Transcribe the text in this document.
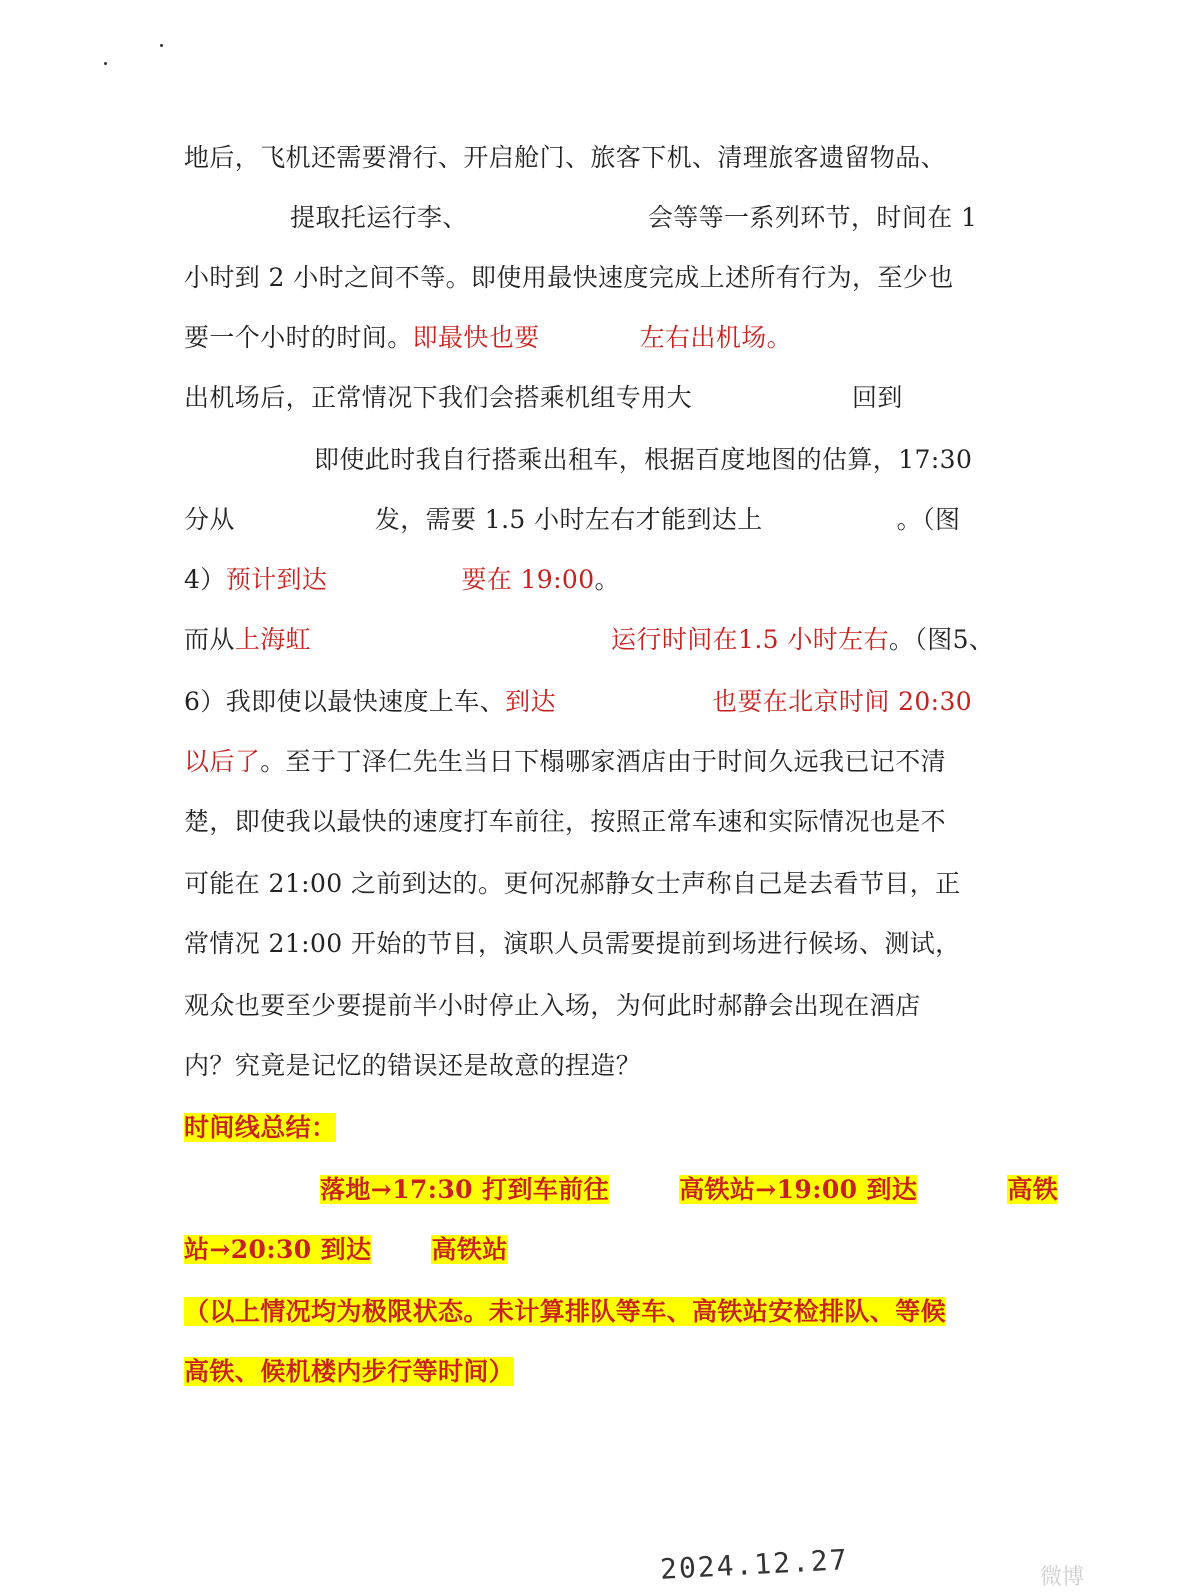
地后，飞机还需要滑行、开启舱门、旅客下机、清理旅客遗留物品、
提取托运行李、	会等等一系列环节，时间在 1
小时到 2 小时之间不等。即使用最快速度完成上述所有行为，至少也
要一个小时的时间。即最快也要	左右出机场。
出机场后，正常情况下我们会搭乘机组专用大	回到
即使此时我自行搭乘出租车，根据百度地图的估算，17:30
分从	发，需要 1.5 小时左右才能到达上	。（图
4）预计到达	要在 19:00。
而从上海虹	运行时间在1.5 小时左右。（图5、
6）我即使以最快速度上车、到达	也要在北京时间 20:30
以后了。至于丁泽仁先生当日下榻哪家酒店由于时间久远我已记不清
楚，即使我以最快的速度打车前往，按照正常车速和实际情况也是不
可能在 21:00 之前到达的。更何况郝静女士声称自己是去看节目，正
常情况 21:00 开始的节目，演职人员需要提前到场进行候场、测试，
观众也要至少要提前半小时停止入场，为何此时郝静会出现在酒店
内？究竟是记忆的错误还是故意的捏造？
时间线总结：
落地→17:30 打到车前往	高铁站→19:00 到达	高铁
站→20:30 到达 高铁站
（以上情况均为极限状态。未计算排队等车、高铁站安检排队、等候
高铁、候机楼内步行等时间）
2024.12.27	微博
